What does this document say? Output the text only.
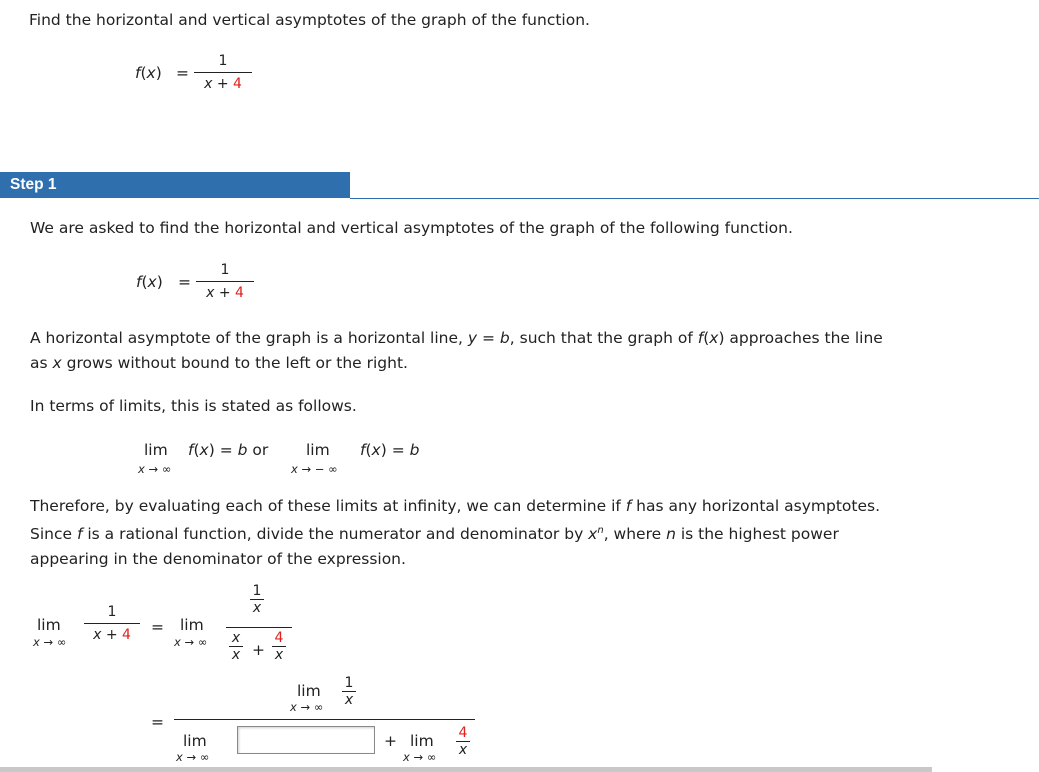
Find the horizontal and vertical asymptotes of the graph of the function.
f(x) =
1
x + 4
Step 1
We are asked to find the horizontal and vertical asymptotes of the graph of the following function.
f(x) =
1
x + 4
A horizontal asymptote of the graph is a horizontal line, y = b, such that the graph of f(x) approaches the line
as x grows without bound to the left or the right.
In terms of limits, this is stated as follows.
lim f(x) = b or
x → ∞
lim
x → − ∞
f(x) = b
Therefore, by evaluating each of these limits at infinity, we can determine if f has any horizontal asymptotes.
Since f is a rational function, divide the numerator and denominator by $x^n$, where n is the highest power
appearing in the denominator of the expression.
lim
x → ∞
1
x + 4	= lim
x → ∞
1
x
x
x +
4
x
=
lim
x → ∞
1
x
lim
x → ∞
+ lim
x → ∞
4
x
